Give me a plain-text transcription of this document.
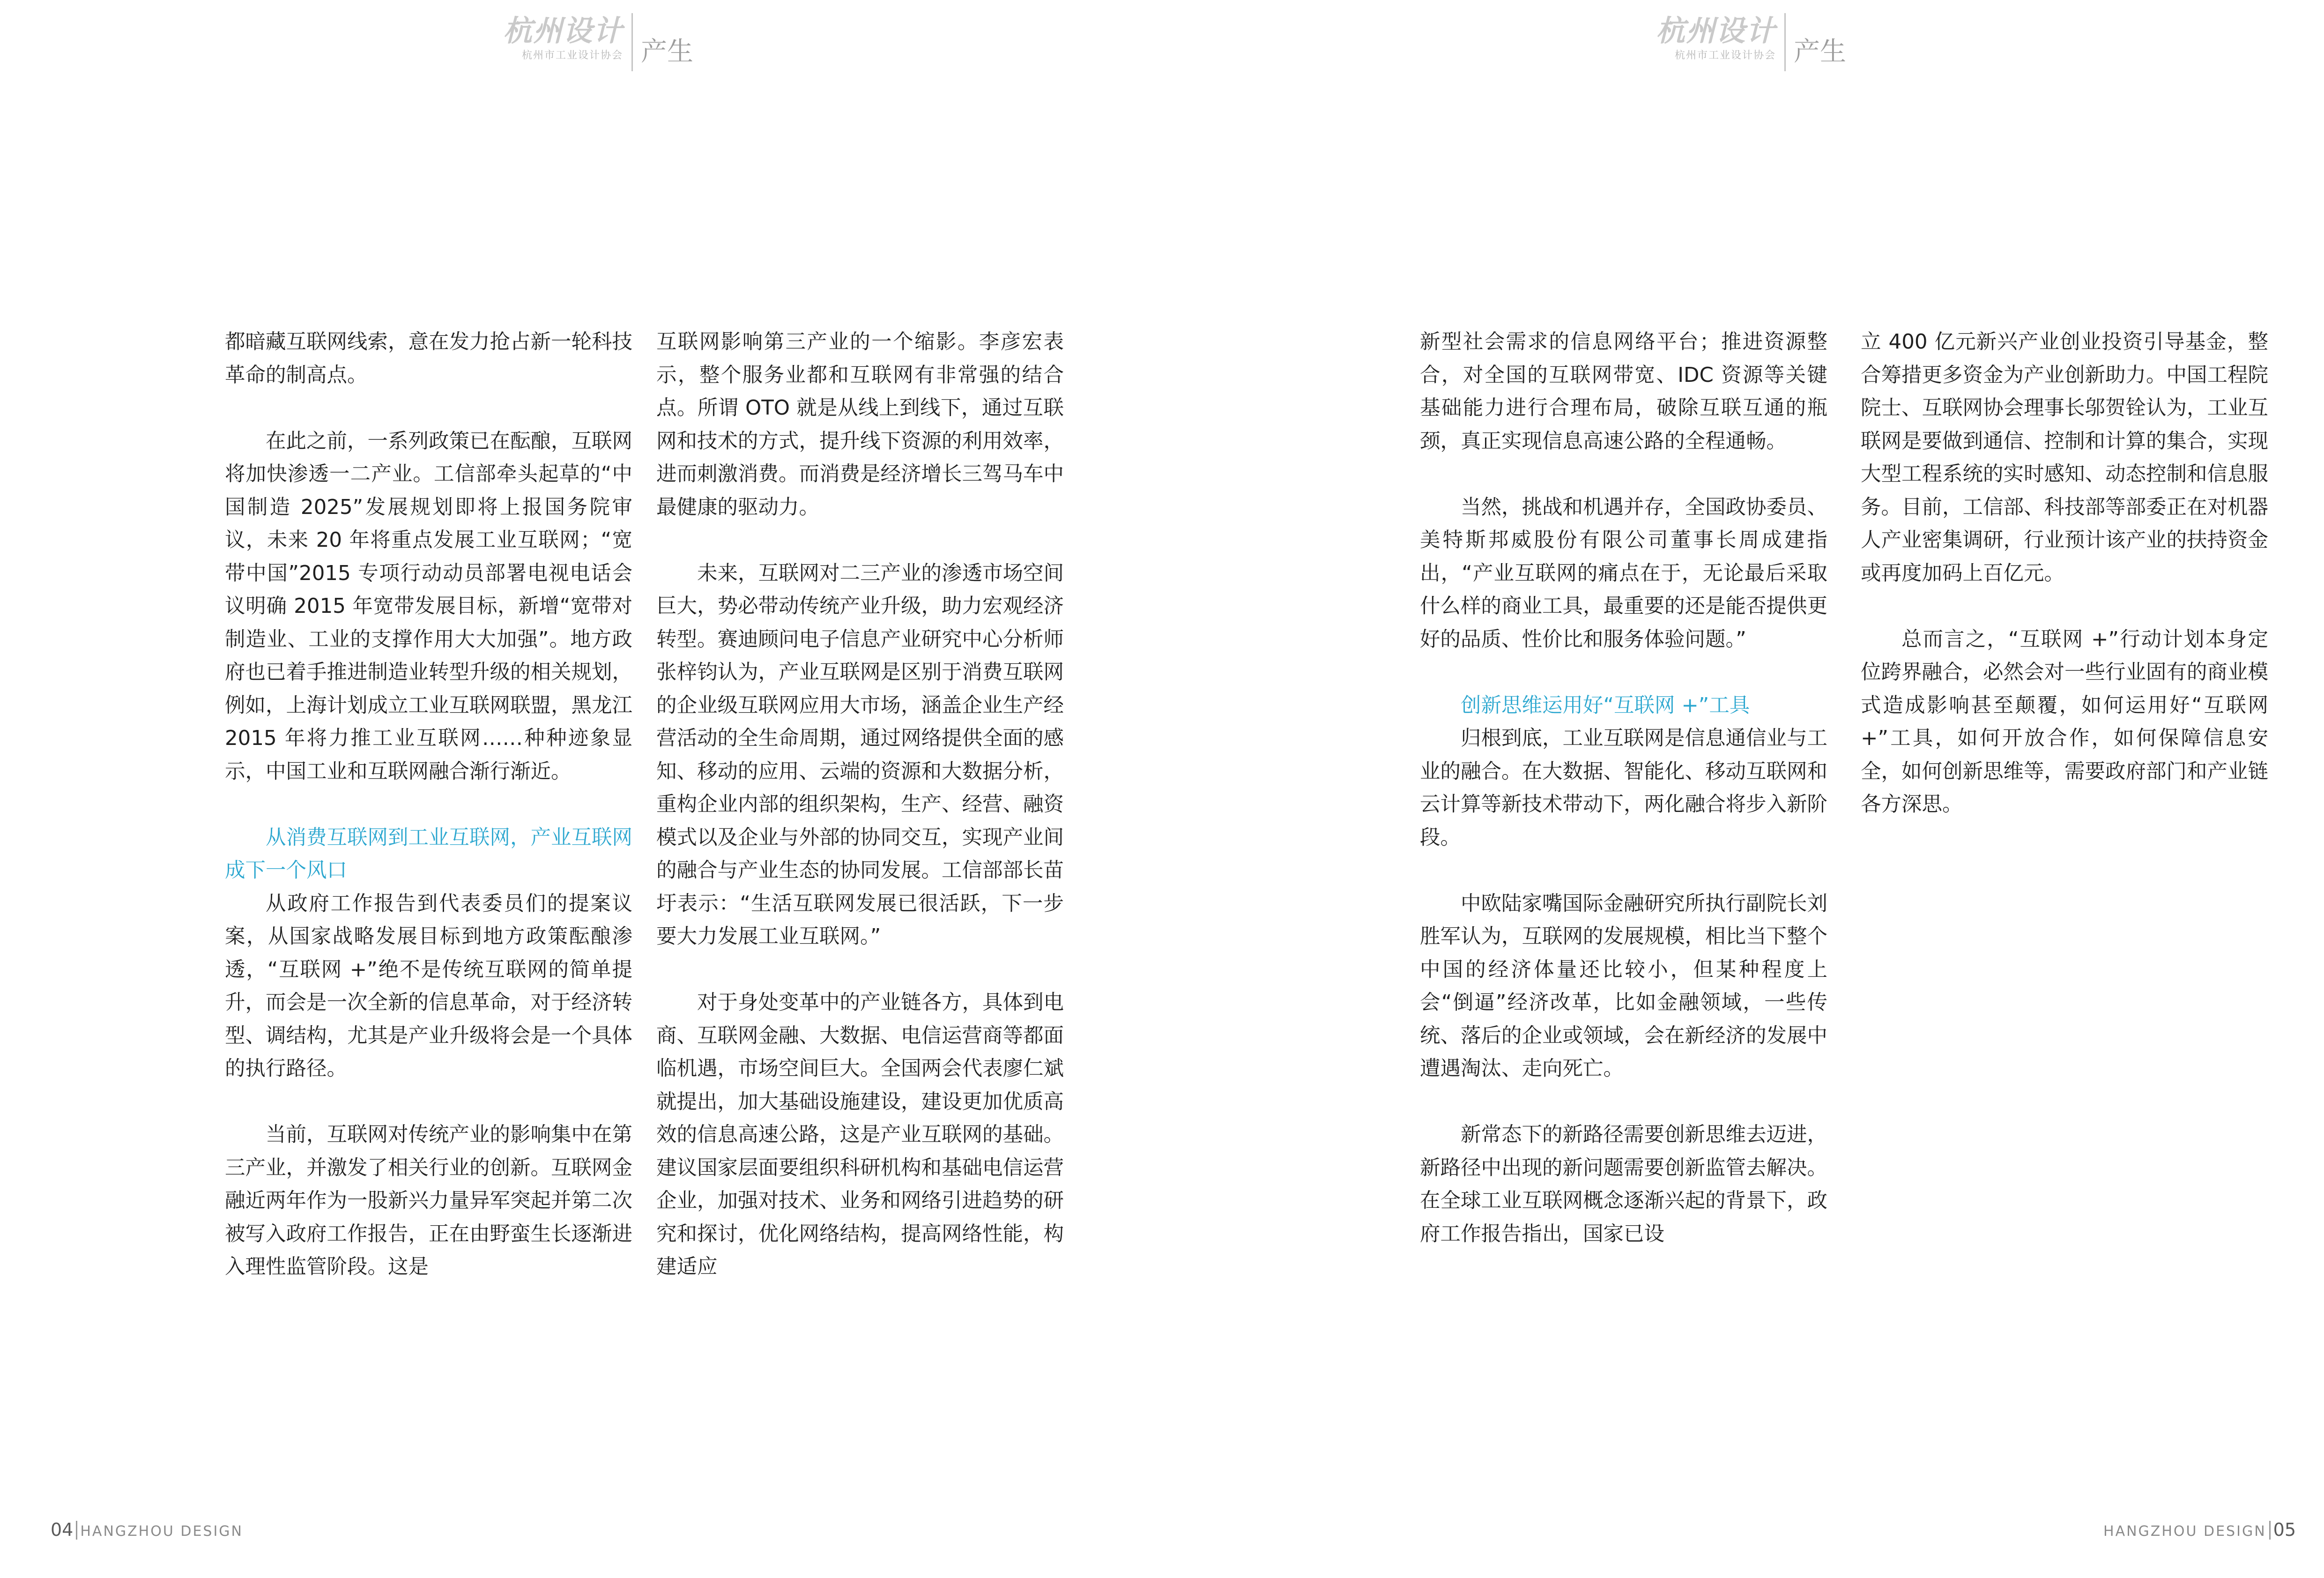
杭州设计
杭州市工业设计协会 产生

都暗藏互联网线索，意在发力抢占新一轮科技革命的制高点。

在此之前，一系列政策已在酝酿，互联网将加快渗透一二产业。工信部牵头起草的“中国制造 2025”发展规划即将上报国务院审议，未来 20 年将重点发展工业互联网；“宽带中国”2015 专项行动动员部署电视电话会议明确 2015 年宽带发展目标，新增“宽带对制造业、工业的支撑作用大大加强”。地方政府也已着手推进制造业转型升级的相关规划，例如，上海计划成立工业互联网联盟，黑龙江 2015 年将力推工业互联网……种种迹象显示，中国工业和互联网融合渐行渐近。

从消费互联网到工业互联网，产业互联网成下一个风口

从政府工作报告到代表委员们的提案议案，从国家战略发展目标到地方政策酝酿渗透，“互联网 +”绝不是传统互联网的简单提升，而会是一次全新的信息革命，对于经济转型、调结构，尤其是产业升级将会是一个具体的执行路径。

当前，互联网对传统产业的影响集中在第三产业，并激发了相关行业的创新。互联网金融近两年作为一股新兴力量异军突起并第二次被写入政府工作报告，正在由野蛮生长逐渐进入理性监管阶段。这是

互联网影响第三产业的一个缩影。李彦宏表示，整个服务业都和互联网有非常强的结合点。所谓 OTO 就是从线上到线下，通过互联网和技术的方式，提升线下资源的利用效率，进而刺激消费。而消费是经济增长三驾马车中最健康的驱动力。

未来，互联网对二三产业的渗透市场空间巨大，势必带动传统产业升级，助力宏观经济转型。赛迪顾问电子信息产业研究中心分析师张梓钧认为，产业互联网是区别于消费互联网的企业级互联网应用大市场，涵盖企业生产经营活动的全生命周期，通过网络提供全面的感知、移动的应用、云端的资源和大数据分析，重构企业内部的组织架构，生产、经营、融资模式以及企业与外部的协同交互，实现产业间的融合与产业生态的协同发展。工信部部长苗圩表示：“生活互联网发展已很活跃，下一步要大力发展工业互联网。”

对于身处变革中的产业链各方，具体到电商、互联网金融、大数据、电信运营商等都面临机遇，市场空间巨大。全国两会代表廖仁斌就提出，加大基础设施建设，建设更加优质高效的信息高速公路，这是产业互联网的基础。建议国家层面要组织科研机构和基础电信运营企业，加强对技术、业务和网络引进趋势的研究和探讨，优化网络结构，提高网络性能，构建适应

04 HANGZHOU DESIGN
杭州设计
杭州市工业设计协会 产生

新型社会需求的信息网络平台；推进资源整合，对全国的互联网带宽、IDC 资源等关键基础能力进行合理布局，破除互联互通的瓶颈，真正实现信息高速公路的全程通畅。

当然，挑战和机遇并存，全国政协委员、美特斯邦威股份有限公司董事长周成建指出，“产业互联网的痛点在于，无论最后采取什么样的商业工具，最重要的还是能否提供更好的品质、性价比和服务体验问题。”

创新思维运用好“互联网 +”工具

归根到底，工业互联网是信息通信业与工业的融合。在大数据、智能化、移动互联网和云计算等新技术带动下，两化融合将步入新阶段。

中欧陆家嘴国际金融研究所执行副院长刘胜军认为，互联网的发展规模，相比当下整个中国的经济体量还比较小，但某种程度上会“倒逼”经济改革，比如金融领域，一些传统、落后的企业或领域，会在新经济的发展中遭遇淘汰、走向死亡。

新常态下的新路径需要创新思维去迈进，新路径中出现的新问题需要创新监管去解决。在全球工业互联网概念逐渐兴起的背景下，政府工作报告指出，国家已设

立 400 亿元新兴产业创业投资引导基金，整合筹措更多资金为产业创新助力。中国工程院院士、互联网协会理事长邬贺铨认为，工业互联网是要做到通信、控制和计算的集合，实现大型工程系统的实时感知、动态控制和信息服务。目前，工信部、科技部等部委正在对机器人产业密集调研，行业预计该产业的扶持资金或再度加码上百亿元。

总而言之，“互联网 +”行动计划本身定位跨界融合，必然会对一些行业固有的商业模式造成影响甚至颠覆，如何运用好“互联网 +”工具，如何开放合作，如何保障信息安全，如何创新思维等，需要政府部门和产业链各方深思。

HANGZHOU DESIGN 05
